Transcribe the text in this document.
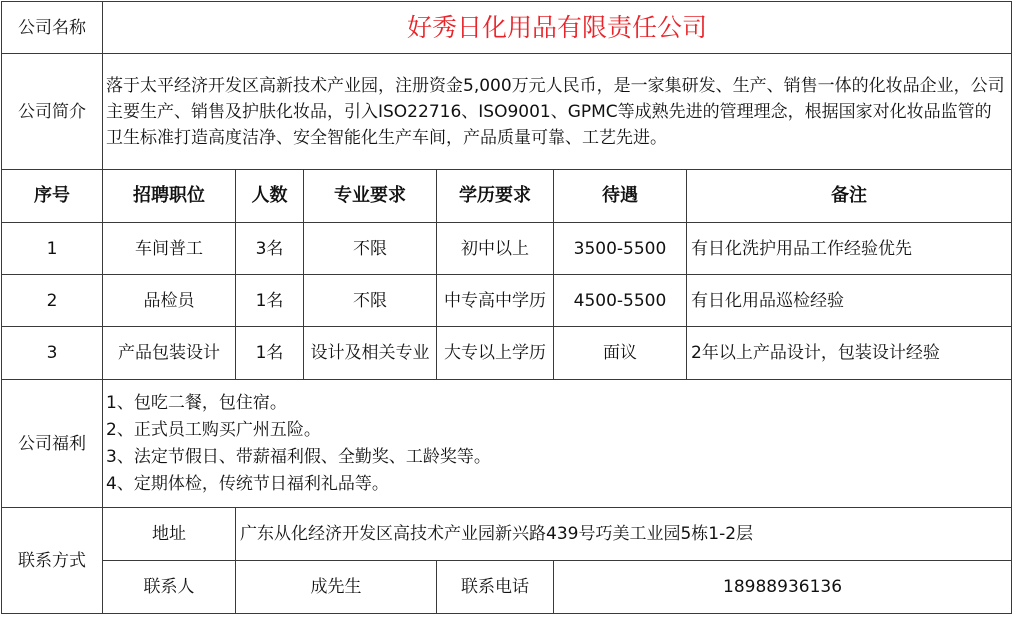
公司名称	好秀日化用品有限责任公司					
公司简介	落于太平经济开发区高新技术产业园，注册资金5,000万元人民币，是一家集研发、生产、销售一体的化妆品企业，公司主要生产、销售及护肤化妆品，引入ISO22716、ISO9001、GPMC等成熟先进的管理理念，根据国家对化妆品监管的卫生标准打造高度洁净、安全智能化生产车间，产品质量可靠、工艺先进。					
序号	招聘职位	人数	专业要求	学历要求	待遇	备注
1	车间普工	3名	不限	初中以上	3500-5500	有日化洗护用品工作经验优先
2	品检员	1名	不限	中专高中学历	4500-5500	有日化用品巡检经验
3	产品包装设计	1名	设计及相关专业	大专以上学历	面议	2年以上产品设计，包装设计经验
公司福利	1、包吃二餐，包住宿。
2、正式员工购买广州五险。
3、法定节假日、带薪福利假、全勤奖、工龄奖等。
4、定期体检，传统节日福利礼品等。					

联系方式	地址	广东从化经济开发区高技术产业园新兴路439号巧美工业园5栋1-2层				
	联系人	成先生		联系电话	18988936136	
